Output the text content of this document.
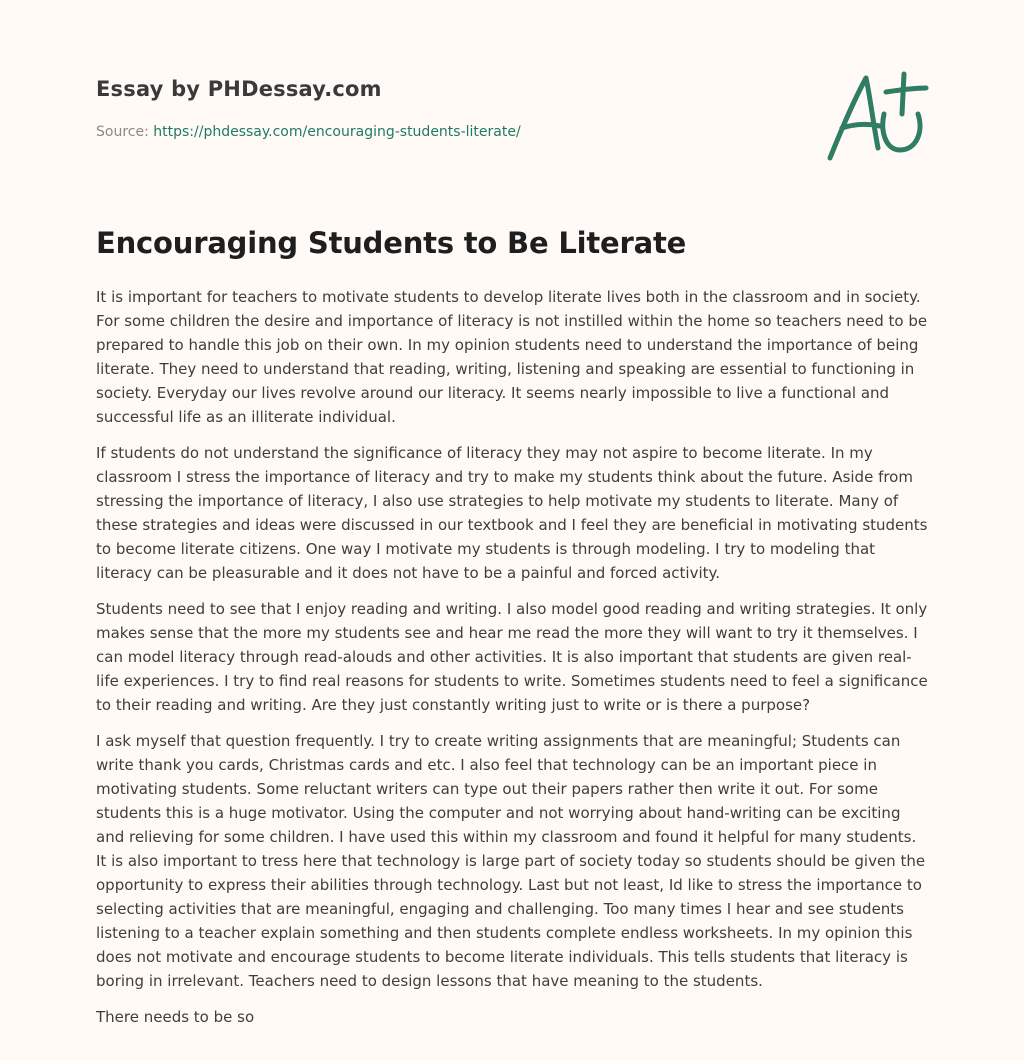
Essay by PHDessay.com
Source: https://phdessay.com/encouraging-students-literate/
Encouraging Students to Be Literate

It is important for teachers to motivate students to develop literate lives both in the classroom and in society. For some children the desire and importance of literacy is not instilled within the home so teachers need to be prepared to handle this job on their own. In my opinion students need to understand the importance of being literate. They need to understand that reading, writing, listening and speaking are essential to functioning in society. Everyday our lives revolve around our literacy. It seems nearly impossible to live a functional and successful life as an illiterate individual.

If students do not understand the significance of literacy they may not aspire to become literate. In my classroom I stress the importance of literacy and try to make my students think about the future. Aside from stressing the importance of literacy, I also use strategies to help motivate my students to literate. Many of these strategies and ideas were discussed in our textbook and I feel they are beneficial in motivating students to become literate citizens. One way I motivate my students is through modeling. I try to modeling that literacy can be pleasurable and it does not have to be a painful and forced activity.

Students need to see that I enjoy reading and writing. I also model good reading and writing strategies. It only makes sense that the more my students see and hear me read the more they will want to try it themselves. I can model literacy through read-alouds and other activities. It is also important that students are given real-life experiences. I try to find real reasons for students to write. Sometimes students need to feel a significance to their reading and writing. Are they just constantly writing just to write or is there a purpose?

I ask myself that question frequently. I try to create writing assignments that are meaningful; Students can write thank you cards, Christmas cards and etc. I also feel that technology can be an important piece in motivating students. Some reluctant writers can type out their papers rather then write it out. For some students this is a huge motivator. Using the computer and not worrying about hand-writing can be exciting and relieving for some children. I have used this within my classroom and found it helpful for many students. It is also important to tress here that technology is large part of society today so students should be given the opportunity to express their abilities through technology. Last but not least, Id like to stress the importance to selecting activities that are meaningful, engaging and challenging. Too many times I hear and see students listening to a teacher explain something and then students complete endless worksheets. In my opinion this does not motivate and encourage students to become literate individuals. This tells students that literacy is boring in irrelevant. Teachers need to design lessons that have meaning to the students.

There needs to be so
